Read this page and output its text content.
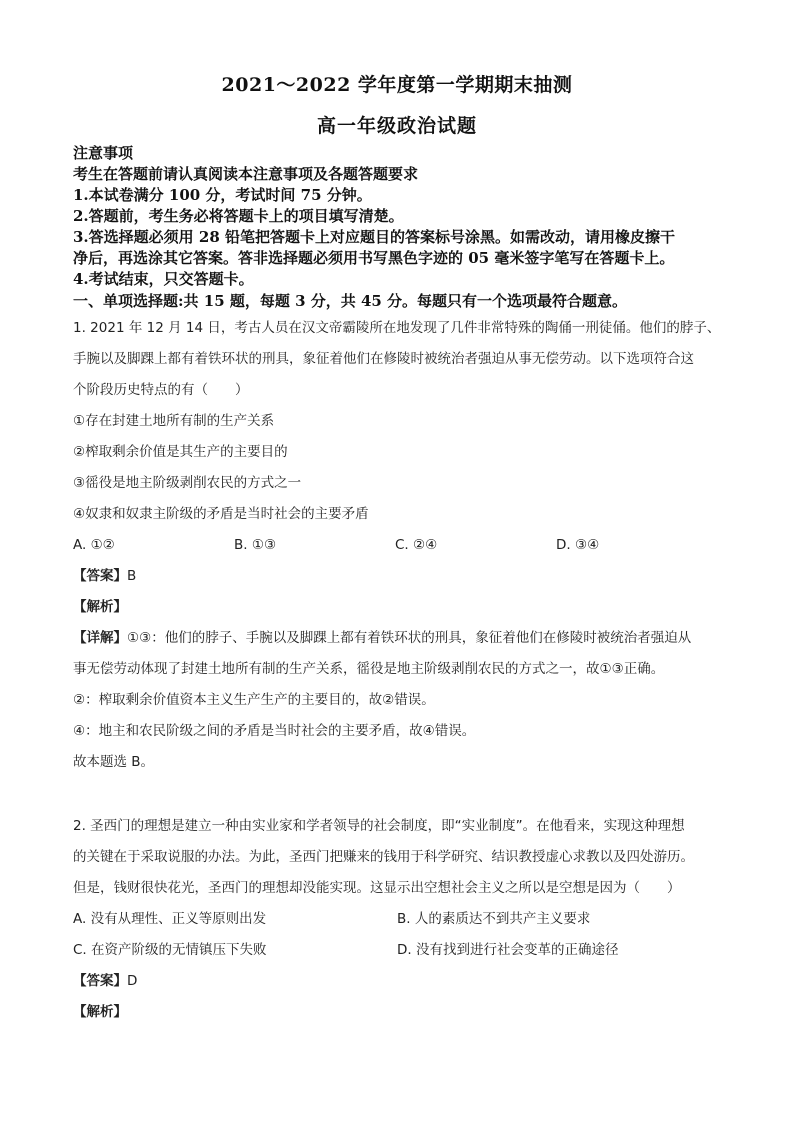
2021～2022 学年度第一学期期末抽测
高一年级政治试题
注意事项
考生在答题前请认真阅读本注意事项及各题答题要求
1.本试卷满分 100 分，考试时间 75 分钟。
2.答题前，考生务必将答题卡上的项目填写清楚。
3.答选择题必须用 28 铅笔把答题卡上对应题目的答案标号涂黑。如需改动，请用橡皮擦干
净后，再选涂其它答案。答非选择题必须用书写黑色字迹的 05 毫米签字笔写在答题卡上。
4.考试结束，只交答题卡。
一、单项选择题:共 15 题，每题 3 分，共 45 分。每题只有一个选项最符合题意。
1. 2021 年 12 月 14 日，考古人员在汉文帝霸陵所在地发现了几件非常特殊的陶俑一刑徒俑。他们的脖子、
手腕以及脚踝上都有着铁环状的刑具，象征着他们在修陵时被统治者强迫从事无偿劳动。以下选项符合这
个阶段历史特点的有（　　）
①存在封建土地所有制的生产关系
②榨取剩余价值是其生产的主要目的
③徭役是地主阶级剥削农民的方式之一
④奴隶和奴隶主阶级的矛盾是当时社会的主要矛盾
A. ①②	B. ①③	C. ②④	D. ③④
【答案】B
【解析】
【详解】①③：他们的脖子、手腕以及脚踝上都有着铁环状的刑具，象征着他们在修陵时被统治者强迫从
事无偿劳动体现了封建土地所有制的生产关系，徭役是地主阶级剥削农民的方式之一，故①③正确。
②：榨取剩余价值资本主义生产生产的主要目的，故②错误。
④：地主和农民阶级之间的矛盾是当时社会的主要矛盾，故④错误。
故本题选 B。
2. 圣西门的理想是建立一种由实业家和学者领导的社会制度，即“实业制度”。在他看来，实现这种理想
的关键在于采取说服的办法。为此，圣西门把赚来的钱用于科学研究、结识教授虚心求教以及四处游历。
但是，钱财很快花光，圣西门的理想却没能实现。这显示出空想社会主义之所以是空想是因为（　　）
A. 没有从理性、正义等原则出发	B. 人的素质达不到共产主义要求
C. 在资产阶级的无情镇压下失败	D. 没有找到进行社会变革的正确途径
【答案】D
【解析】
